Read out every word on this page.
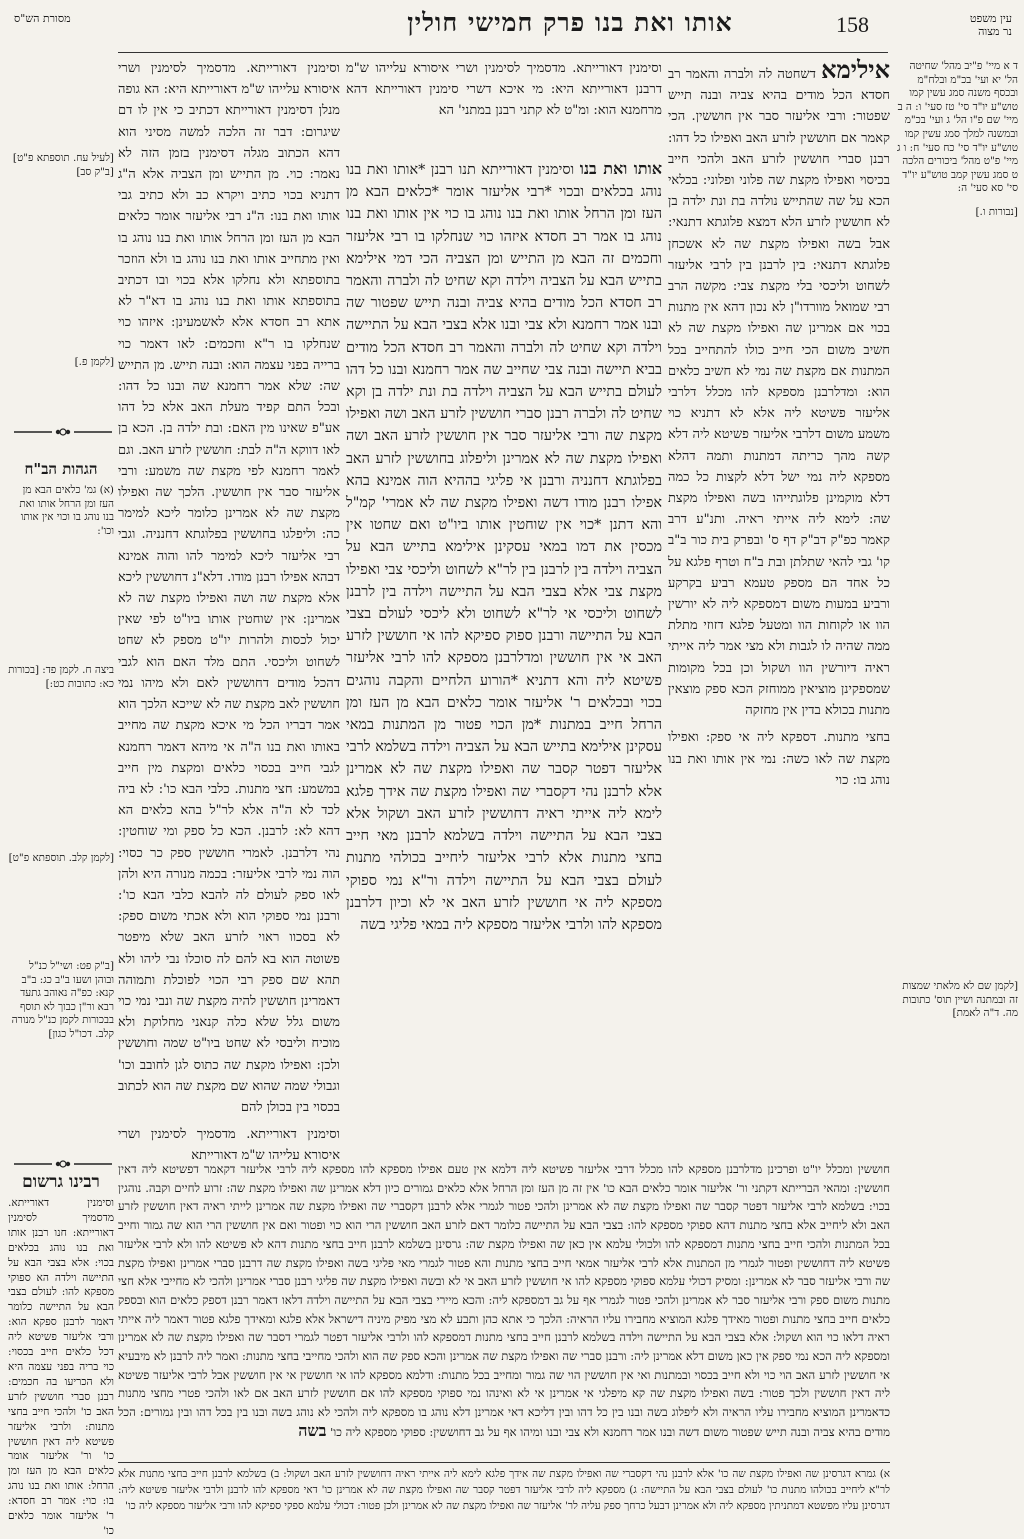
עין משפט
נר מצוה
158
אותו ואת בנו פרק חמישי חולין
מסורת הש"ס
ד א מיי' פ"יב מהל' שחיטה הל' יא ועי' בכ"מ ובלח"מ ובכסף משנה סמג עשין קמו טוש"ע יו"ד סי' טז סעי' ו: ה ב מיי' שם פ"ו הל' ג ועי' בכ"מ ובמשנה למלך סמג עשין קמו טוש"ע יו"ד סי' כח סעי' ח: ו ג מיי' פ"ט מהל' ביכורים הלכה ט סמג עשין קמב טוש"ע יו"ד סי' סא סעי' ה:
[נבורות ו.]
[לקמן שם לא מלאתי שמצות זה ובמתנה ושיין תוס' כתובות מה. ד"ה לאמת]
אילימא דשחטה לה ולברה והאמר רב חסדא הכל מודים בהיא צביה ובנה תייש שפטור: ורבי אליעזר סבר אין חוששין. הכי קאמר אם חוששין לזרע האב ואפילו כל דהו: רבנן סברי חוששין לזרע האב ולהכי חייב בכיסוי ואפילו מקצת שה פלוני ופלוני: בכלאי הכא על שה שהתייש נולדה בת ונת ילדה בן לא חוששין לזרע הלא דמצא פלוגתא דתנאי: אבל בשה ואפילו מקצת שה לא אשכחן פלוגתא דתנאי: בין לרבנן בין לרבי אליעזר לשחוט וליכסי בלי מקצת צבי: מקשה הרב רבי שמואל מוורדו"ן לא נכון דהא אין מתנות בכוי אם אמרינן שה ואפילו מקצת שה לא חשיב משום הכי חייב כולו להתחייב בכל המתנות אם מקצת שה נמי לא חשיב כלאים הוא: ומדלרבנן מספקא להו מכלל דלרבי אליעזר פשיטא ליה אלא לא דתניא כוי משמע משום דלרבי אליעזר פשיטא ליה דלא קשה מהך כריתה דמתנות ותמה דהלא מספקא ליה נמי ישל דלא לקצות כל כמה דלא מוקמינן פלוגתייהו בשה ואפילו מקצת שה: לימא ליה אייתי ראיה. ותנ"ע דרב קאמר כפ"ק דב"ק דף ס' ובפרק בית כור ב"ב קו' גבי להאי שתלתן ובת ב"ח וטרף פלגא על כל אחד הם מספק טעמא רביע בקרקע ורביע במעות משום דמספקא ליה לא יורשין הוו או לקוחות הוו ומטעל פלגא דזוזי מתלת ממה שהיה לו לגבות ולא מצי אמר ליה אייתי ראיה דיורשין הוו ושקול וכן בכל מקומות שמספקינן מוציאין ממוחזק הכא ספק מוצאין מתנות בכולא בדין אין מחזקה
בחצי מתנות. דספקא ליה אי ספק: ואפילו מקצת שה לאו כשה: נמי אין אותו ואת בנו נוהג בו: כוי
וסימנין דאורייתא. מדסמיך לסימנין ושרי איסורא עלייהו ש"מ דרבנן דאורייתא היא: מי איכא דשרי סימנין דאורייתא דהא מרחמנא הוא: ומ"ט לא קתני רבנן במתני' הא
אותו ואת בנו וסימנין דאורייתא תנו רבנן *אותו ואת בנו נוהג בכלאים ובכוי *רבי אליעזר אומר *כלאים הבא מן העז ומן הרחל אותו ואת בנו נוהג בו כוי אין אותו ואת בנו נוהג בו אמר רב חסדא איזהו כוי שנחלקו בו רבי אליעזר וחכמים זה הבא מן התייש ומן הצביה הכי דמי אילימא בתייש הבא על הצביה וילדה וקא שחיט לה ולברה והאמר רב חסדא הכל מודים בהיא צביה ובנה תייש שפטור שה ובנו אמר רחמנא ולא צבי ובנו אלא בצבי הבא על התיישה וילדה וקא שחיט לה ולברה והאמר רב חסדא הכל מודים בביא תיישה ובנה צבי שחייב שה אמר רחמנא ובנו כל דהו לעולם בתייש הבא על הצביה וילדה בת ונת ילדה בן וקא שחיט לה ולברה רבנן סברי חוששין לזרע האב ושה ואפילו מקצת שה ורבי אליעזר סבר אין חוששין לזרע האב ושה ואפילו מקצת שה לא אמרינן וליפלוג בחוששין לזרע האב בפלוגתא דחנניה ורבנן אי פליגי בההיא הוה אמינא בהא אפילו רבנן מודו דשה ואפילו מקצת שה לא אמרי' קמ"ל והא דתנן *כוי אין שוחטין אותו ביו"ט ואם שחטו אין מכסין את דמו במאי עסקינן אילימא בתייש הבא על הצביה וילדה בין לרבנן בין לר"א לשחוט וליכסי צבי ואפילו מקצת צבי אלא בצבי הבא על התיישה וילדה בין לרבנן לשחוט וליכסי אי לר"א לשחוט ולא ליכסי לעולם בצבי הבא על התיישה ורבנן ספוק ספיקא להו אי חוששין לזרע האב אי אין חוששין ומדלרבנן מספקא להו לרבי אליעזר פשיטא ליה והא דתניא *הורוע הלחיים והקבה נוהגים בכוי ובכלאים ר' אליעזר אומר כלאים הבא מן העז ומן הרחל חייב במתנות *מן הכוי פטור מן המתנות במאי עסקינן אילימא בתייש הבא על הצביה וילדה בשלמא לרבי אליעזר דפטר קסבר שה ואפילו מקצת שה לא אמרינן אלא לרבנן נהי דקסברי שה ואפילו מקצת שה אידך פלגא לימא ליה אייתי ראיה דחוששין לזרע האב ושקול אלא בצבי הבא על התיישה וילדה בשלמא לרבנן מאי חייב בחצי מתנות אלא לרבי אליעזר ליחייב בכולהי מתנות לעולם בצבי הבא על התיישה וילדה ור"א נמי ספוקי מספקא ליה אי חוששין לזרע האב אי לא וכיון דלרבנן מספקא להו ולרבי אליעזר מספקא ליה במאי פליגי בשה
וסימנין דאורייתא. מדסמיך לסימנין ושרי איסורא עלייהו ש"מ דאורייתא היא: הא גופה מנלן דסימנין דאורייתא דכתיב כי אין לו דם שיגרום: דבר זה הלכה למשה מסיני הוא דהא הכתוב מגלה דסימנין בזמן הזה לא נאמר: כוי. מן התייש ומן הצביה אלא ה"ג דתניא בכוי כתיב ויקרא כב ולא כתיב גבי אותו ואת בנו: ה"נ רבי אליעזר אומר כלאים הבא מן העז ומן הרחל אותו ואת בנו נוהג בו ואין מתחייב אותו ואת בנו נוהג בו ולא הוזכר בתוספתא ולא נחלקו אלא בכוי ובו דכתיב בתוספתא אותו ואת בנו נוהג בו דא"ר לא אתא רב חסדא אלא לאשמעינן: איזהו כוי שנחלקו בו ר"א וחכמים: לאו דאמר כוי ברייה בפני עצמה הוא: ובנה תייש. מן התייש שה: שלא אמר רחמנא שה ובנו כל דהו: ובכל התם קפיד מעלת האב אלא כל דהו אע"פ שאינו מין האם: ובת ילדה בן. הכא בן לאו דווקא ה"ה לבת: חוששין לזרע האב. וגם לאמר רחמנא לפי מקצת שה משמע: ורבי אליעזר סבר אין חוששין. הלכך שה ואפילו מקצת שה לא אמרינן כלומר ליכא למימר כה: וליפלגו בחוששין בפלוגתא דחנניה. וגבי רבי אליעזר ליכא למימר להו והוה אמינא דבהא אפילו רבנן מודו. דלא"נ דחוששין ליכא אלא מקצת שה ושה ואפילו מקצת שה לא אמרינן: אין שוחטין אותו ביו"ט לפי שאין יכול לכסות ולהרות יו"ט מספק לא שחט לשחוט וליכסי. התם מלד האם הוא לגבי דהכל מודים דחוששין לאם ולא מיהו נמי חוששין לאב מקצת שה לא שייכא הלכך הוא אמר דבריו הכל מי איכא מקצת שה מחייב באותו ואת בנו ה"ה אי מיהא דאמר רחמנא לגבי חייב בכסוי כלאים ומקצת מין חייב במשמע: חצי מתנות. כלבי הבא כו': לא ביה לכד לא ה"ה אלא לר"ל בהא כלאים הא דהא לא: לרבנן. הכא כל ספק ומי שוחטין: נהי דלרבנן. לאמרי חוששין ספק כר כסוי: הוה נמי לרבי אליעזר: בכמה מנורה היא ולהן לאו ספק לעולם לה להבא כלבי הבא כו': ורבנן נמי ספוקי הוא ולא אכתי משום ספק: לא בסכוו ראוי לזרע האב שלא מיפטר פשוטה הוא בא להם לה סוכלו נבי ליהו ולא תהא שם ספק רבי הכוי לפוכלת ותמוהה דאמרינן חוששין להיה מקצת שה ונבי נמי כוי משום גלל שלא כלה קנאני מחלוקת ולא מוכיח וליבסי לא שחט ביו"ט שמה וחוששין ולכן: ואפילו מקצת שה כתוס לגן לחובב וכו' וגבולי שמה שהוא שם מקצת שה הוא לכתוב בכסוי בין בכולן להם
וסימנין דאורייתא. מדסמיך לסימנין ושרי איסורא עלייהו ש"מ דאורייתא
חוששין ומכלל יו"ט ופרכינן מדלרבנן מספקא להו מכלל דרבי אליעזר פשיטא ליה דלמא אין טעם אפילו מספקא להו מספקא ליה לרבי אליעזר דקאמר דפשיטא ליה דאין חוששין: ומהאי הברייתא דקתני ור' אליעזר אומר כלאים הבא כו' אין זה מן העז ומן הרחל אלא כלאים גמורים כיון דלא אמרינן שה ואפילו מקצת שה: זרוע לחיים וקבה. נוהגין בכוי: בשלמא לרבי אליעזר דפטר קסבר שה ואפילו מקצת שה לא אמרינן ולהכי פטור לגמרי אלא לרבנן דקסברי שה ואפילו מקצת שה אמרינן לייתי ראיה דאין חוששין לזרע האב ולא ליחייב אלא בחצי מתנות דהא ספוקי מספקא להו: בצבי הבא על התיישה כלומר דאם לזרע האב חוששין הרי הוא כוי ופטור ואם אין חוששין הרי הוא שה גמור וחייב בכל המתנות ולהכי חייב בחצי מתנות דמספקא להו ולכולי עלמא אין כאן שה ואפילו מקצת שה: גרסינן בשלמא לרבנן חייב בחצי מתנות דהא לא פשיטא להו ולא לרבי אליעזר פשיטא ליה דחוששין ופטור לגמרי מן המתנות אלא לרבי אליעזר אמאי חייב בחצי מתנות והא פטור לגמרי מאי פליגי בשה ואפילו מקצת שה דרבנן סברי אמרינן ואפילו מקצת שה ורבי אליעזר סבר לא אמרינן: ומסיק דכולי עלמא ספוקי מספקא להו אי חוששין לזרע האב אי לא ובשה ואפילו מקצת שה פליגי רבנן סברי אמרינן ולהכי לא מחייבי אלא חצי מתנות משום ספק ורבי אליעזר סבר לא אמרינן ולהכי פטור לגמרי אף על גב דמספקא ליה: והכא מיירי בצבי הבא על התיישה וילדה דלאו דאמר רבנן דספק כלאים הוא ובספק כלאים חייב בחצי מתנות ופטור מאידך פלגא המוציא מחבירו עליו הראיה: הלכך כי אתא כהן ותבע לא מצי מפיק מיניה דישראל אלא פלגא ומאידך פלגא פטור דאמר ליה אייתי ראיה דלאו כוי הוא ושקול: אלא בצבי הבא על התיישה וילדה בשלמא לרבנן חייב בחצי מתנות דמספקא להו ולרבי אליעזר דפטר לגמרי דסבר שה ואפילו מקצת שה לא אמרינן ומספקא ליה הכא נמי ספק אין כאן משום דלא אמרינן ליה: ורבנן סברי שה ואפילו מקצת שה אמרינן והכא ספק שה הוא ולהכי מחייבי בחצי מתנות: ואמר ליה לרבנן לא מיבעיא אי חוששין לזרע האב הוי כוי ולא חייב בכסוי ובמתנות ואי אין חוששין הוי שה גמור ומחייב בכל מתנות: ודלמא מספקא להו אי חוששין אי אין חוששין אבל לרבי אליעזר פשיטא ליה דאין חוששין ולכך פטור: בשה ואפילו מקצת שה קא מיפלגי אי אמרינן אי לא ואינהו נמי ספוקי מספקא להו אם חוששין לזרע האב אם לאו ולהכי פטרי מחצי מתנות כדאמרינן המוציא מחבירו עליו הראיה ולא ליפלוג בשה ובנו בין כל דהו ובין דליכא דאי אמרינן דלא נוהג בו מספקא ליה ולהכי לא נוהג בשה ובנו בין בכל דהו ובין גמורים: הכל מודים בהיא צביה ובנה תייש שפטור משום דשה ובנו אמר רחמנא ולא צבי ובנו ומיהו אף על גב דחוששין: ספוקי מספקא ליה כו' בשה
א) גמרא דגרסינן שה ואפילו מקצת שה כו' אלא לרבנן נהי דקסברי שה ואפילו מקצת שה אידך פלגא לימא ליה אייתי ראיה דחוששין לזרע האב ושקול: ב) בשלמא לרבנן חייב בחצי מתנות אלא לר"א ליחייב בכולהו מתנות כו' לעולם בצבי הבא על התיישה: ג) מספקא ליה לרבי אליעזר דפטר קסבר שה ואפילו מקצת שה לא אמרינן כו' דאי מספקא להו לרבנן ולרבי אליעזר פשיטא ליה: דגרסינן עליו מפשטא דמתניתין מספקא ליה ולא אמרינן דבעל כרחך ספק עליה לר' אליעזר שה ואפילו מקצת שה לא אמרינן ולכן פטור: דכולי עלמא ספקי ספיקא להו ורבי אליעזר מספקא ליה כו'
[לעיל עח. תוספתא פ"ט] [ב"ק סב]
[לקמן פ.]
הגהות הב"ח
(א) גמ' כלאים הבא מן העז ומן הרחל אותו ואת בנו נוהג בו וכוי אין אותו וכו':
ביצה ח. לקמן פד: [בכורות כא: כתובות כט:]
[לקמן קלב. תוספתא פ"ט]
[ב"ק פט: ושי"ל כנ"ל ובוהן ושעו ב"ב כג: ב"ב קנא: כפ"ה נאוהב גתעד רבא ור"ן כבוך לא תוסף בבכורות לקמן כנ"ל מנורה קלב. דכו"ל כגון]
רבינו גרשום
וסימנין דאורייתא. מדסמיך לסימנין דאורייתא: חנו רבנן אותו ואת בנו נוהג בכלאים בכוי: אלא בצבי הבא על התיישה וילדה הא ספוקי מספקא להו: לעולם בצבי הבא על התיישה כלומר דאמר לרבנן ספקא הוא: ורבי אליעזר פשיטא ליה דכל כלאים חייב בכסוי: כוי בריה בפני עצמה היא ולא הכריעו בה חכמים: רבנן סברי חוששין לזרע האב כו' ולהכי חייב בחצי מתנות: ולרבי אליעזר פשיטא ליה דאין חוששין כו' ור' אליעזר אומר כלאים הבא מן העז ומן הרחל: אותו ואת בנו נוהג בו: כוי: אמר רב חסדא: ר' אליעזר אומר כלאים כו'
